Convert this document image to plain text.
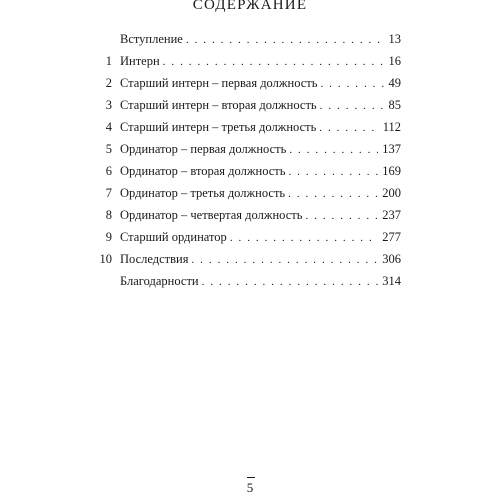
СОДЕРЖАНИЕ
Вступление . . .	13
1 Интерн . . .	16
2 Старший интерн – первая должность . . .	49
3 Старший интерн – вторая должность . . .	85
4 Старший интерн – третья должность . . .	112
5 Ординатор – первая должность . . .	137
6 Ординатор – вторая должность . . .	169
7 Ординатор – третья должность . . .	200
8 Ординатор – четвертая должность . . .	237
9 Старший ординатор . . .	277
10 Последствия . . .	306
Благодарности . . .	314
5
